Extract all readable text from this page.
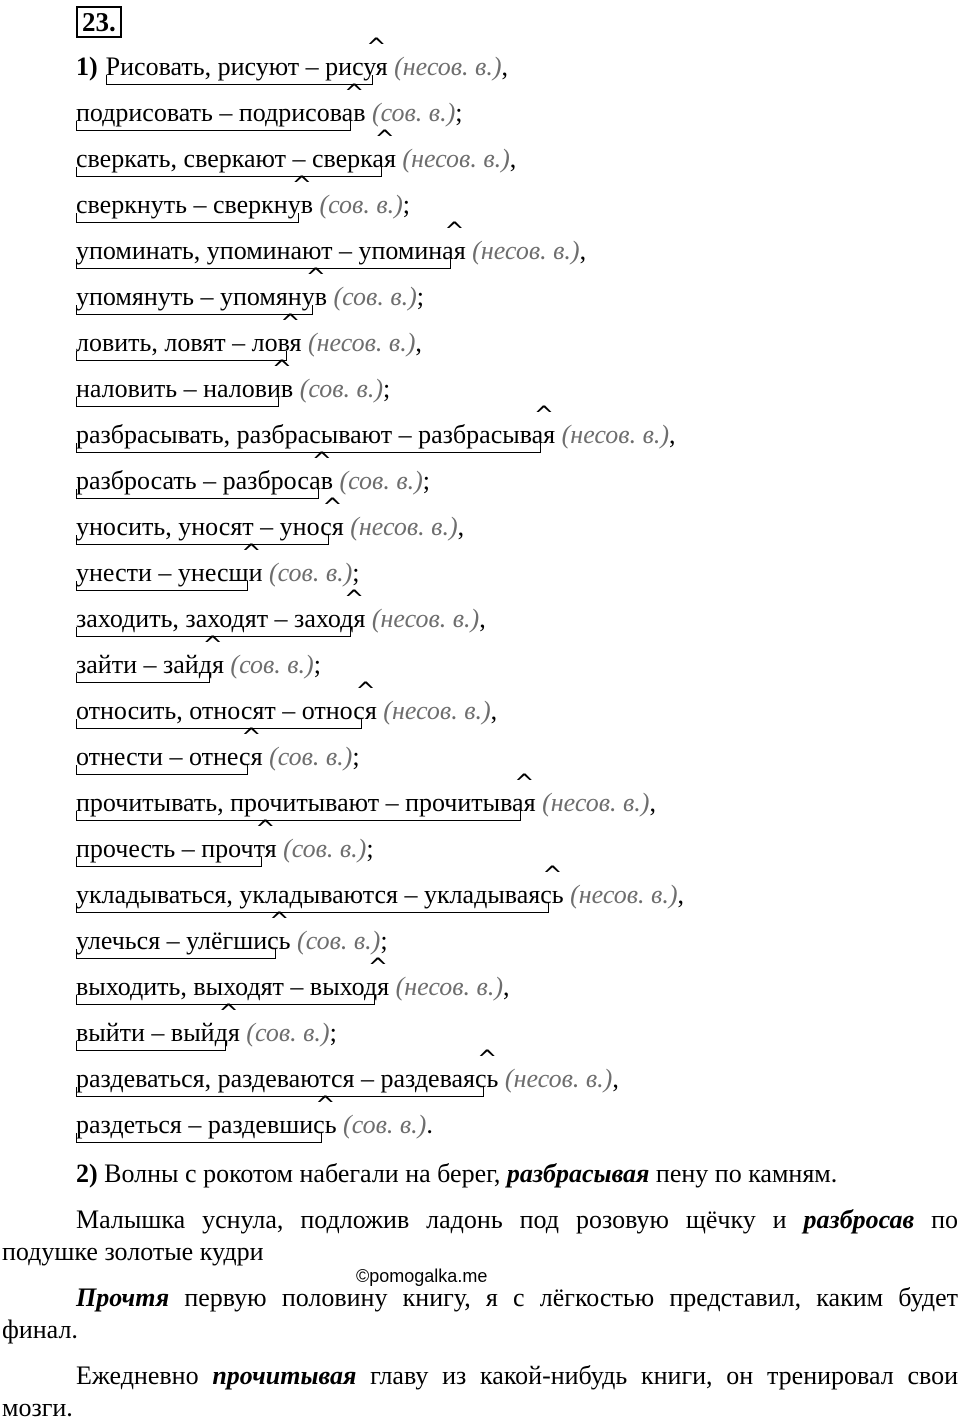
23.
1)^ Рисовать, рисуют – рисуя (несов. в.),
^ подрисовать – подрисовав (сов. в.);
^ сверкать, сверкают – сверкая (несов. в.),
^ сверкнуть – сверкнув (сов. в.);
^ упоминать, упоминают – упоминая (несов. в.),
^ упомянуть – упомянув (сов. в.);
^ ловить, ловят – ловя (несов. в.),
^ наловить – наловив (сов. в.);
^ разбрасывать, разбрасывают – разбрасывая (несов. в.),
^ разбросать – разбросав (сов. в.);
^ уносить, уносят – унося (несов. в.),
^ унести – унесши (сов. в.);
^ заходить, заходят – заходя (несов. в.),
^ зайти – зайдя (сов. в.);
^ относить, относят – относя (несов. в.),
^ отнести – отнеся (сов. в.);
^ прочитывать, прочитывают – прочитывая (несов. в.),
^ прочесть – прочтя (сов. в.);
^ укладываться, укладываются – укладываясь (несов. в.),
^ улечься – улёгшись (сов. в.);
^ выходить, выходят – выходя (несов. в.),
^ выйти – выйдя (сов. в.);
^ раздеваться, раздеваются – раздеваясь (несов. в.),
^ раздеться – раздевшись (сов. в.).
2) Волны с рокотом набегали на берег, разбрасывая пену по камням.
Малышка уснула, подложив ладонь под розовую щёчку и разбросав по подушке золотые кудри
©pomogalka.me
Прочтя первую половину книгу, я с лёгкостью представил, каким будет финал.
Ежедневно прочитывая главу из какой-нибудь книги, он тренировал свои мозги.
